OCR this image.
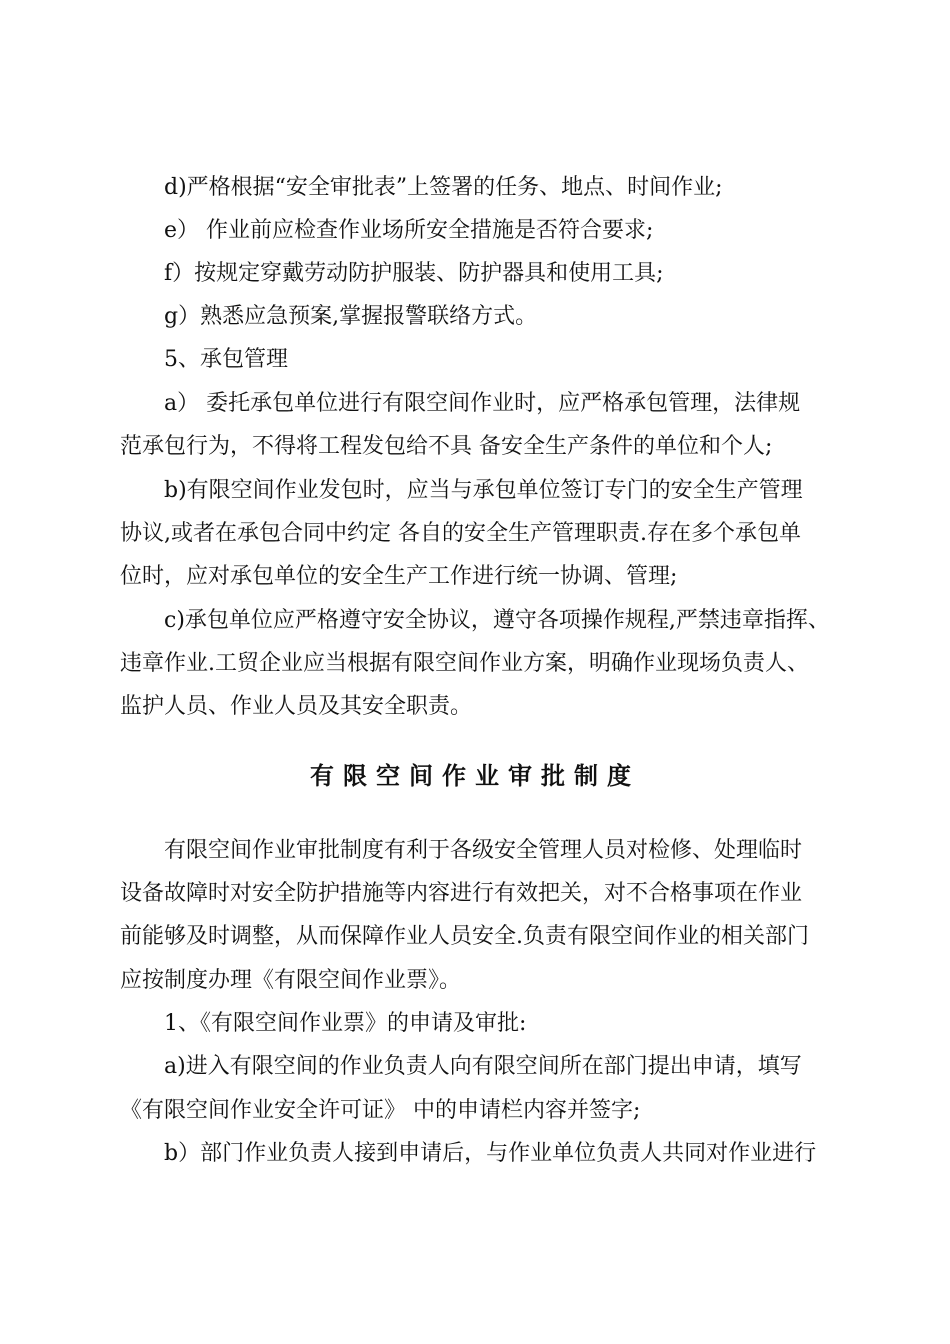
d)严格根据“安全审批表”上签署的任务、地点、时间作业;

e） 作业前应检查作业场所安全措施是否符合要求;

f）按规定穿戴劳动防护服装、防护器具和使用工具;

g）熟悉应急预案,掌握报警联络方式。

5、承包管理

a） 委托承包单位进行有限空间作业时，应严格承包管理，法律规

范承包行为，不得将工程发包给不具 备安全生产条件的单位和个人;

b)有限空间作业发包时，应当与承包单位签订专门的安全生产管理

协议,或者在承包合同中约定 各自的安全生产管理职责.存在多个承包单

位时，应对承包单位的安全生产工作进行统一协调、管理;

c)承包单位应严格遵守安全协议，遵守各项操作规程,严禁违章指挥、

违章作业.工贸企业应当根据有限空间作业方案，明确作业现场负责人、

监护人员、作业人员及其安全职责。

有限空间作业审批制度

有限空间作业审批制度有利于各级安全管理人员对检修、处理临时

设备故障时对安全防护措施等内容进行有效把关，对不合格事项在作业

前能够及时调整，从而保障作业人员安全.负责有限空间作业的相关部门

应按制度办理《有限空间作业票》。

1、《有限空间作业票》的申请及审批:

a)进入有限空间的作业负责人向有限空间所在部门提出申请，填写

《有限空间作业安全许可证》 中的申请栏内容并签字;

b）部门作业负责人接到申请后，与作业单位负责人共同对作业进行
